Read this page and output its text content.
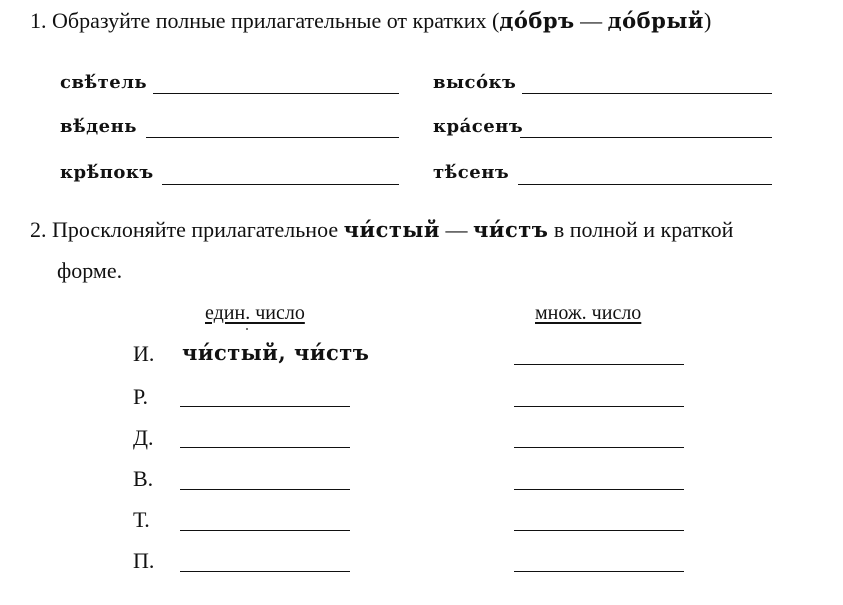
1. Образуйте полные прилагательные от кратких (до́бръ — до́брый)
свѣ́тель
вѣ́день
крѣ́покъ
высо́къ
кра́сенъ
тѣ́сенъ
2. Просклоняйте прилагательное чи́стый — чи́стъ в полной и краткой
форме.
един. число	множ. число
И. чи́стый, чи́стъ
Р.
Д.
В.
Т.
П.
